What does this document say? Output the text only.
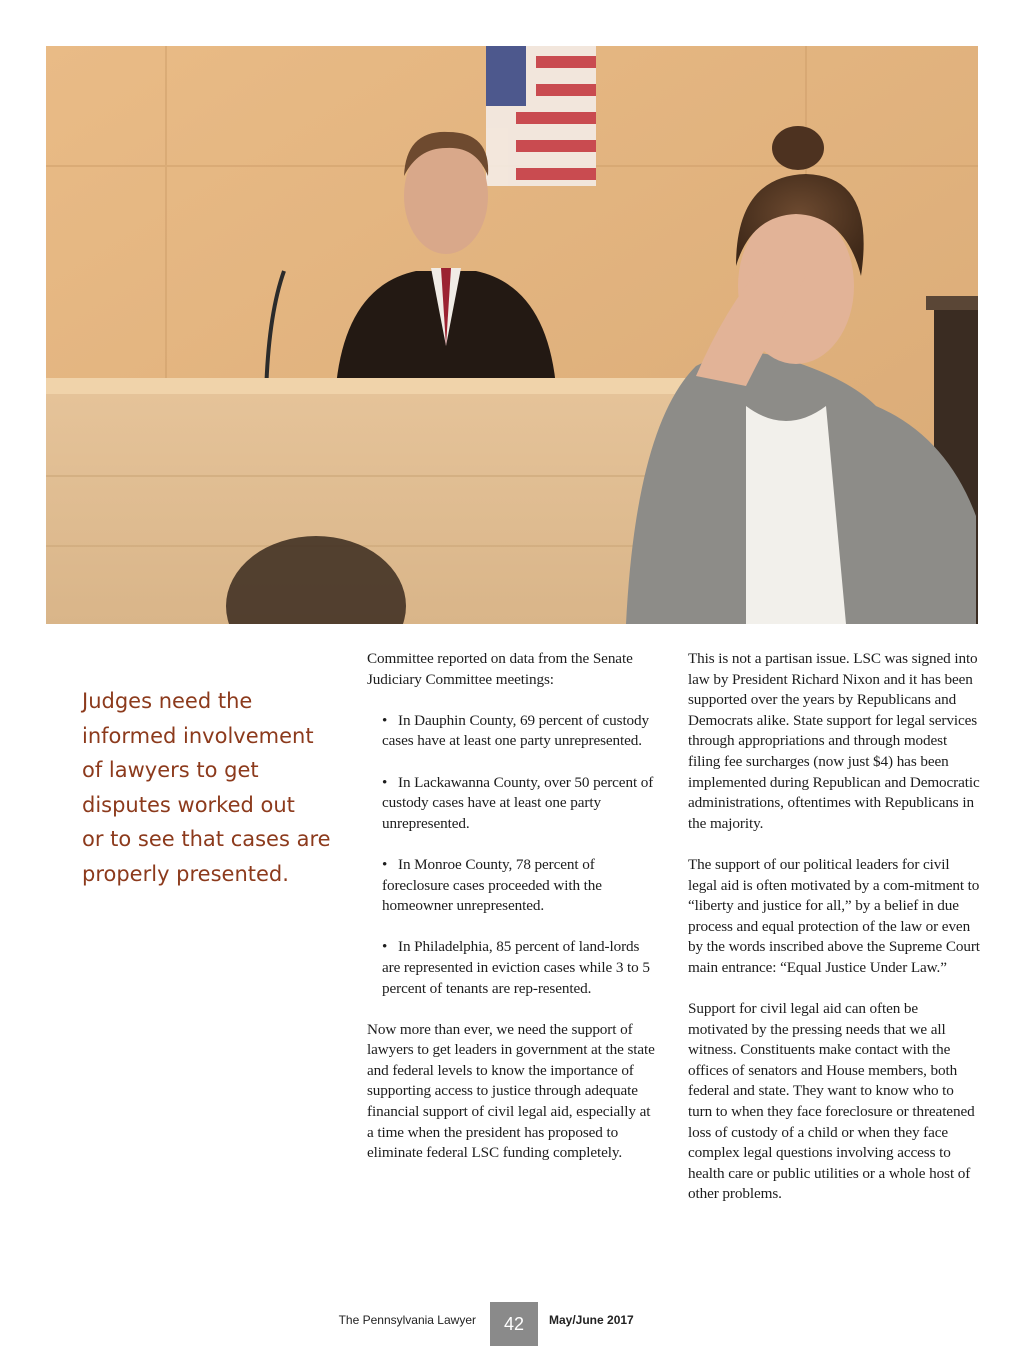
Judges need the
informed involvement
of lawyers to get
disputes worked out
or to see that cases are
properly presented.

Committee reported on data from the Senate Judiciary Committee meetings:

• In Dauphin County, 69 percent of custody cases have at least one party unrepresented.
• In Lackawanna County, over 50 percent of custody cases have at least one party unrepresented.
• In Monroe County, 78 percent of foreclosure cases proceeded with the homeowner unrepresented.
• In Philadelphia, 85 percent of land-lords are represented in eviction cases while 3 to 5 percent of tenants are rep-resented.

Now more than ever, we need the support of lawyers to get leaders in government at the state and federal levels to know the importance of supporting access to justice through adequate financial support of civil legal aid, especially at a time when the president has proposed to eliminate federal LSC funding completely.

This is not a partisan issue. LSC was signed into law by President Richard Nixon and it has been supported over the years by Republicans and Democrats alike. State support for legal services through appropriations and through modest filing fee surcharges (now just $4) has been implemented during Republican and Democratic administrations, oftentimes with Republicans in the majority.

The support of our political leaders for civil legal aid is often motivated by a com-mitment to “liberty and justice for all,” by a belief in due process and equal protection of the law or even by the words inscribed above the Supreme Court main entrance: “Equal Justice Under Law.”

Support for civil legal aid can often be motivated by the pressing needs that we all witness. Constituents make contact with the offices of senators and House members, both federal and state. They want to know who to turn to when they face foreclosure or threatened loss of custody of a child or when they face complex legal questions involving access to health care or public utilities or a whole host of other problems.

The Pennsylvania Lawyer	42	May/June 2017
